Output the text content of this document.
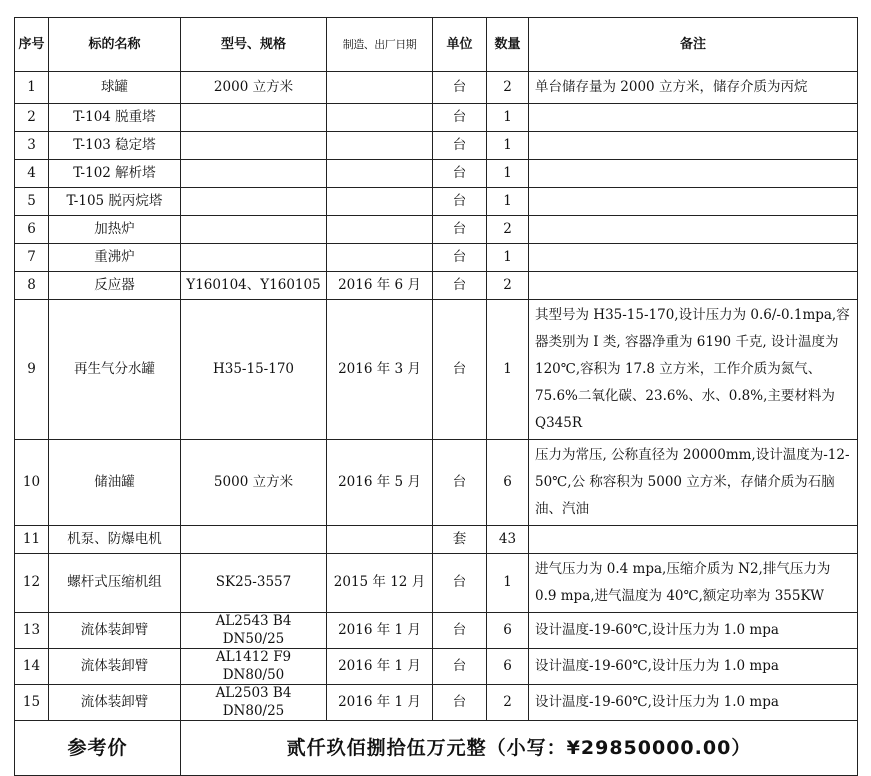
序号	标的名称	型号、规格	制造、出厂日期	单位	数量	备注
1	球罐	2000 立方米		台	2	单台储存量为 2000 立方米，储存介质为丙烷
2	T-104 脱重塔			台	1	
3	T-103 稳定塔			台	1	
4	T-102 解析塔			台	1	
5	T-105 脱丙烷塔			台	1	
6	加热炉			台	2	
7	重沸炉			台	1	
8	反应器	Y160104、Y160105	2016 年 6 月	台	2	
9	再生气分水罐	H35-15-170	2016 年 3 月	台	1	其型号为 H35-15-170,设计压力为 0.6/-0.1mpa,容器类别为 I 类, 容器净重为 6190 千克, 设计温度为 120℃,容积为 17.8 立方米，工作介质为氮气、75.6%二氧化碳、23.6%、水、0.8%,主要材料为 Q345R
10	储油罐	5000 立方米	2016 年 5 月	台	6	压力为常压, 公称直径为 20000mm,设计温度为-12-50℃,公 称容积为 5000 立方米，存储介质为石脑油、汽油
11	机泵、防爆电机			套	43	
12	螺杆式压缩机组	SK25-3557	2015 年 12 月	台	1	进气压力为 0.4 mpa,压缩介质为 N2,排气压力为 0.9 mpa,进气温度为 40℃,额定功率为 355KW
13	流体装卸臂	AL2543 B4 DN50/25	2016 年 1 月	台	6	设计温度-19-60℃,设计压力为 1.0 mpa
14	流体装卸臂	AL1412 F9 DN80/50	2016 年 1 月	台	6	设计温度-19-60℃,设计压力为 1.0 mpa
15	流体装卸臂	AL2503 B4 DN80/25	2016 年 1 月	台	2	设计温度-19-60℃,设计压力为 1.0 mpa
参考价		贰仟玖佰捌拾伍万元整（小写：¥29850000.00）				
